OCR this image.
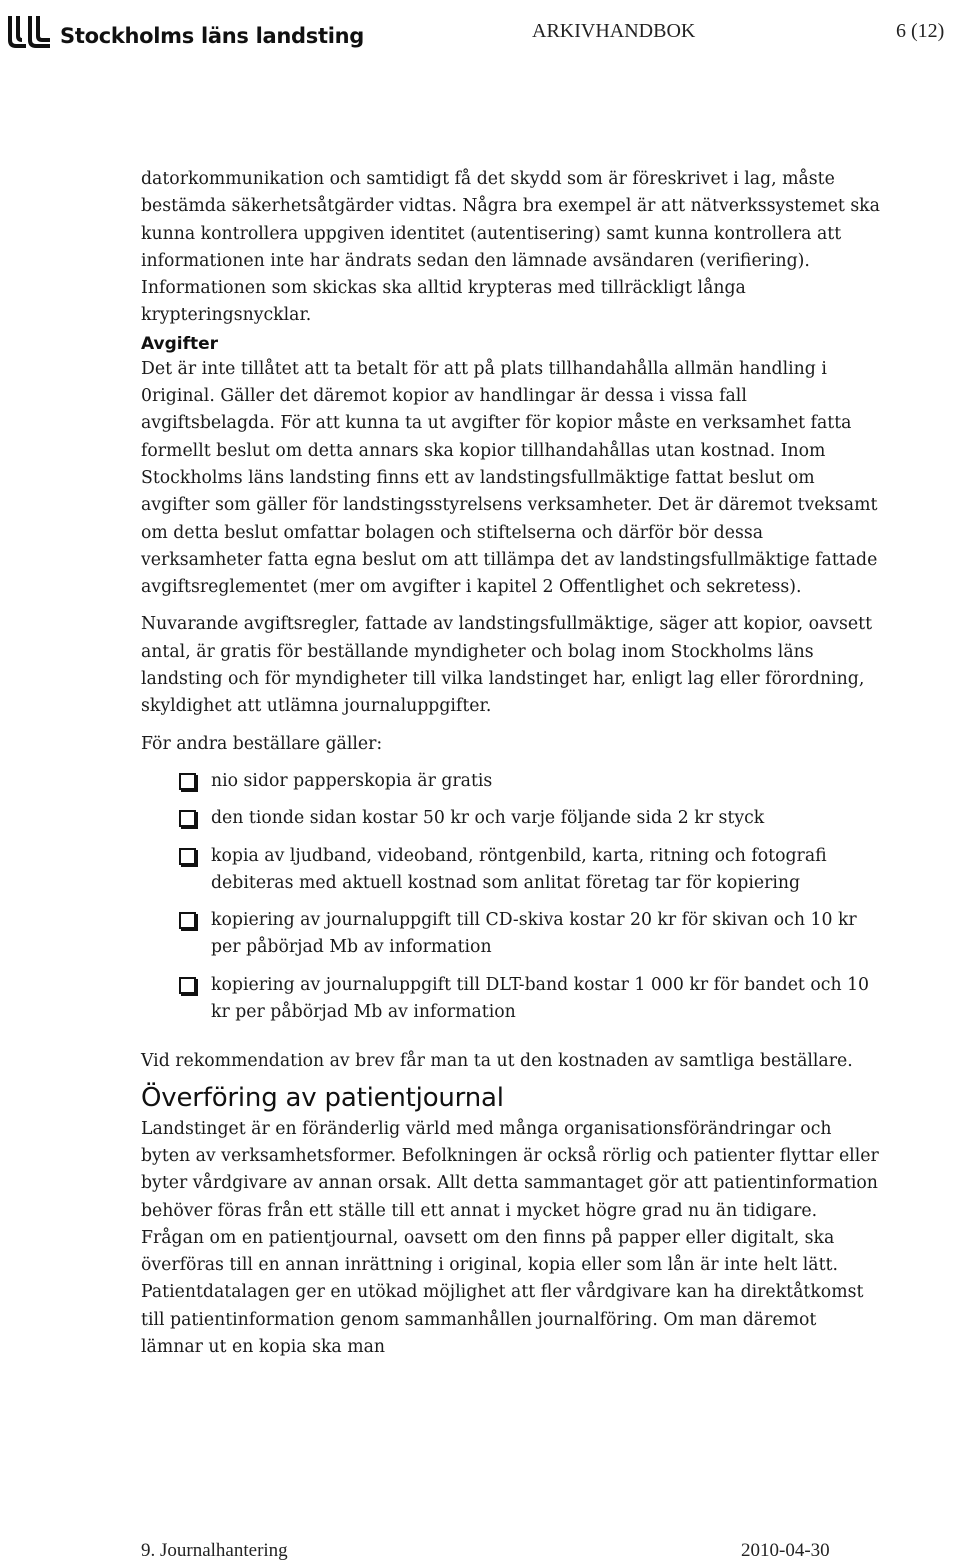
Stockholms läns landsting	ARKIVHANDBOK	6 (12)

datorkommunikation och samtidigt få det skydd som är föreskrivet i lag, måste bestämda säkerhetsåtgärder vidtas. Några bra exempel är att nätverkssystemet ska kunna kontrollera uppgiven identitet (autentisering) samt kunna kontrollera att informationen inte har ändrats sedan den lämnade avsändaren (verifiering). Informationen som skickas ska alltid krypteras med tillräckligt långa krypteringsnycklar.

Avgifter

Det är inte tillåtet att ta betalt för att på plats tillhandahålla allmän handling i 0riginal. Gäller det däremot kopior av handlingar är dessa i vissa fall avgiftsbelagda. För att kunna ta ut avgifter för kopior måste en verksamhet fatta formellt beslut om detta annars ska kopior tillhandahållas utan kostnad. Inom Stockholms läns landsting finns ett av landstingsfullmäktige fattat beslut om avgifter som gäller för landstingsstyrelsens verksamheter. Det är däremot tveksamt om detta beslut omfattar bolagen och stiftelserna och därför bör dessa verksamheter fatta egna beslut om att tillämpa det av landstingsfullmäktige fattade avgiftsreglementet (mer om avgifter i kapitel 2 Offentlighet och sekretess).

Nuvarande avgiftsregler, fattade av landstingsfullmäktige, säger att kopior, oavsett antal, är gratis för beställande myndigheter och bolag inom Stockholms läns landsting och för myndigheter till vilka landstinget har, enligt lag eller förordning, skyldighet att utlämna journaluppgifter.

För andra beställare gäller:

nio sidor papperskopia är gratis
den tionde sidan kostar 50 kr och varje följande sida 2 kr styck
kopia av ljudband, videoband, röntgenbild, karta, ritning och fotografi debiteras med aktuell kostnad som anlitat företag tar för kopiering
kopiering av journaluppgift till CD-skiva kostar 20 kr för skivan och 10 kr per påbörjad Mb av information
kopiering av journaluppgift till DLT-band kostar 1 000 kr för bandet och 10 kr per påbörjad Mb av information

Vid rekommendation av brev får man ta ut den kostnaden av samtliga beställare.

Överföring av patientjournal

Landstinget är en föränderlig värld med många organisationsförändringar och byten av verksamhetsformer. Befolkningen är också rörlig och patienter flyttar eller byter vårdgivare av annan orsak. Allt detta sammantaget gör att patientinformation behöver föras från ett ställe till ett annat i mycket högre grad nu än tidigare. Frågan om en patientjournal, oavsett om den finns på papper eller digitalt, ska överföras till en annan inrättning i original, kopia eller som lån är inte helt lätt. Patientdatalagen ger en utökad möjlighet att fler vårdgivare kan ha direktåtkomst till patientinformation genom sammanhållen journalföring. Om man däremot lämnar ut en kopia ska man

9. Journalhantering	2010-04-30
